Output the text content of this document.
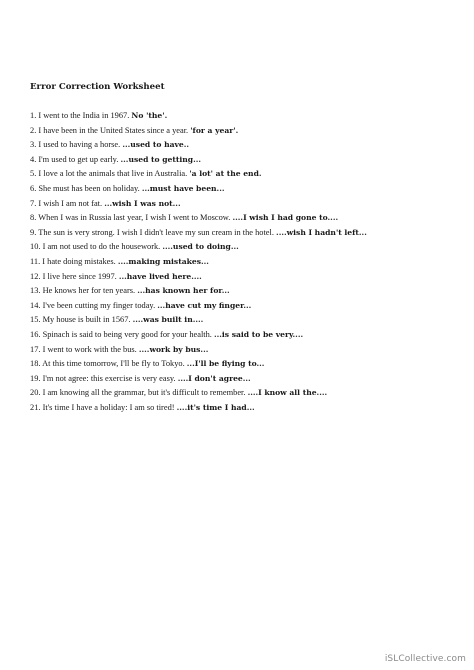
Error Correction Worksheet

1. I went to the India in 1967. No 'the'.

2. I have been in the United States since a year. 'for a year'.

3. I used to having a horse. ...used to have..

4. I'm used to get up early. ...used to getting...

5. I love a lot the animals that live in Australia. 'a lot' at the end.

6. She must has been on holiday. ...must have been...

7. I wish I am not fat. ...wish I was not...

8. When I was in Russia last year, I wish I went to Moscow. ....I wish I had gone to....

9. The sun is very strong. I wish I didn't leave my sun cream in the hotel. ....wish I hadn't left...

10. I am not used to do the housework. ....used to doing...

11. I hate doing mistakes. ....making mistakes...

12. I live here since 1997. ...have lived here....

13. He knows her for ten years. ...has known her for...

14. I've been cutting my finger today. ...have cut my finger...

15. My house is built in 1567. ....was built in....

16. Spinach is said to being very good for your health. ...is said to be very....

17. I went to work with the bus. ....work by bus...

18. At this time tomorrow, I'll be fly to Tokyo. ...I'll be flying to...

19. I'm not agree: this exercise is very easy. ....I don't agree...

20. I am knowing all the grammar, but it's difficult to remember. ....I know all the....

21. It's time I have a holiday: I am so tired! ....it's time I had...

iSLCollective.com
